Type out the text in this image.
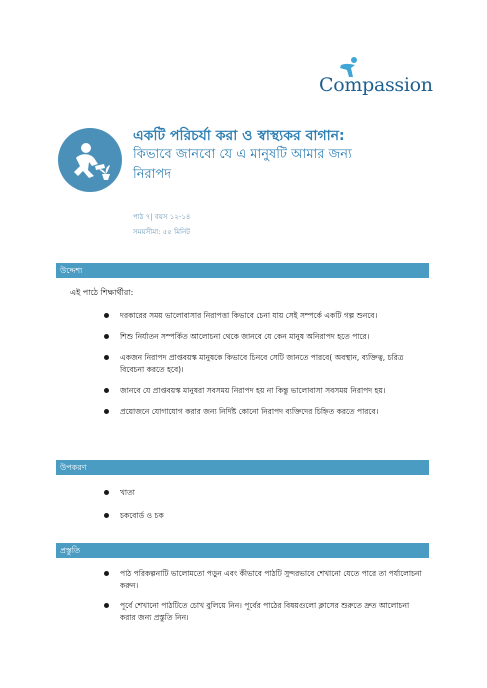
Compassion
একটি পরিচর্যা করা ও স্বাস্থ্যকর বাগান:
কিভাবে জানবো যে এ মানুষটি আমার জন্য
নিরাপদ
পাঠ ৭| বয়স ১২-১৪
সময়সীমা: ৫৫ মিনিট
উদ্দেশ্য
এই পাঠে শিক্ষার্থীরা:
দরকারের সময় ভালোবাসার নিরাপত্তা কিভাবে চেনা যায় সেই সম্পর্কে একটি গল্প শুনবে।
শিশু নির্যাতন সম্পর্কিত আলোচনা থেকে জানবে যে কেন মানুষ অনিরাপদ হতে পারে।
একজন নিরাপদ প্রাপ্তবয়স্ক মানুষকে কিভাবে চিনবে সেটি জানতে পারবে( অবস্থান, ব্যক্তিত্ব, চরিত্র বিবেচনা করতে হবে)।
জানবে যে প্রাপ্তবয়স্ক মানুষরা সবসময় নিরাপদ হয় না কিন্তু ভালোবাসা সবসময় নিরাপদ হয়।
প্রয়োজনে যোগাযোগ করার জন্য নির্দিষ্ট কোনো নিরাপদ ব্যক্তিদের চিহ্নিত করতে পারবে।
উপকরণ
খাতা
চকবোর্ড ও চক
প্রস্তুতি
পাঠ পরিকল্পনাটি ভালোমতো পড়ুন এবং কীভাবে পাঠটি সুন্দরভাবে শেখানো যেতে পারে তা পর্যালোচনা করুন।
পূর্বে শেখানো পাঠটিতে চোখ বুলিয়ে নিন। পূর্বের পাঠের বিষয়গুলো ক্লাসের শুরুতে দ্রুত আলোচনা করার জন্য প্রস্তুতি নিন।
